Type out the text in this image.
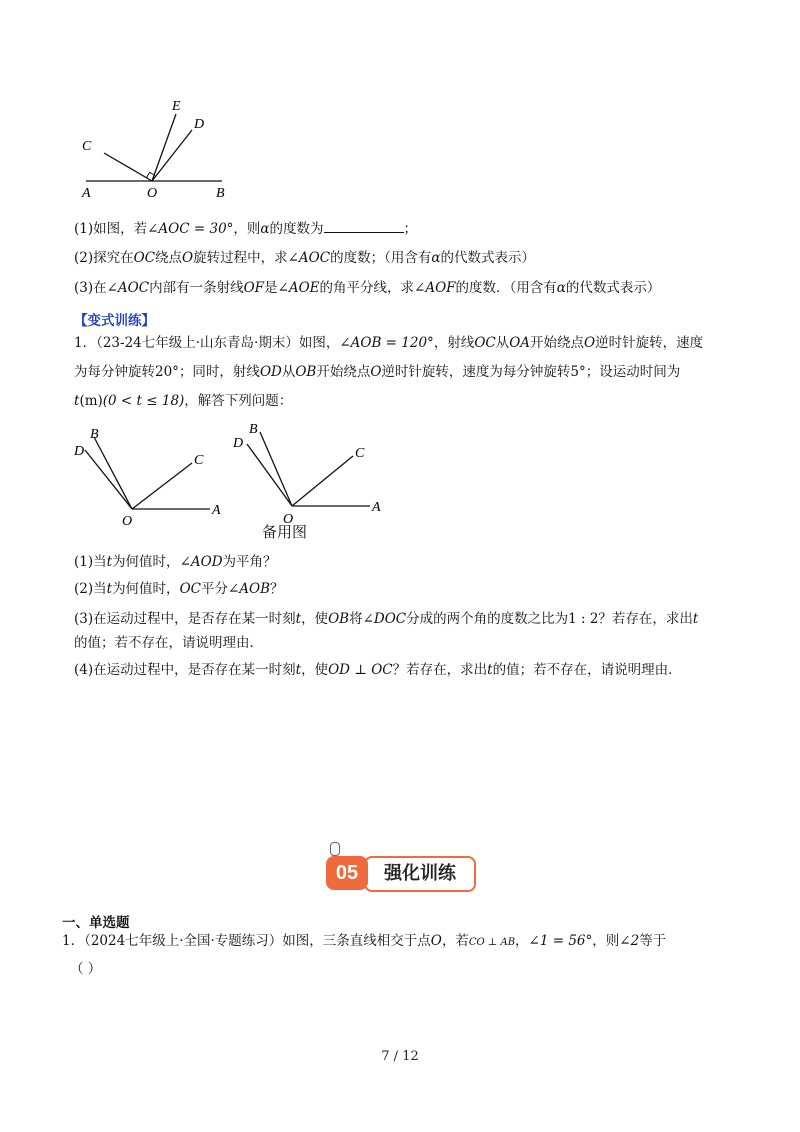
E
D
C
A	O	B
(1)如图，若∠AOC = 30°，则α的度数为	；
(2)探究在OC绕点O旋转过程中，求∠AOC的度数；（用含有α的代数式表示）
(3)在∠AOC内部有一条射线OF是∠AOE的角平分线，求∠AOF的度数．（用含有α的代数式表示）
【变式训练】
1．（23-24七年级上·山东青岛·期末）如图，∠AOB = 120°，射线OC从OA开始绕点O逆时针旋转，速度
为每分钟旋转20°；同时，射线OD从OB开始绕点O逆时针旋转，速度为每分钟旋转5°；设运动时间为
t(m)(0 < t ≤ 18)，解答下列问题：
B
D
C
O
A
B
D
C
O
A
备用图
(1)当t为何值时，∠AOD为平角？
(2)当t为何值时，OC平分∠AOB？
(3)在运动过程中，是否存在某一时刻t，使OB将∠DOC分成的两个角的度数之比为1 : 2？若存在，求出t
的值；若不存在，请说明理由．
(4)在运动过程中，是否存在某一时刻t，使OD ⊥ OC？若存在，求出t的值；若不存在，请说明理由．
强化训练
05
一、单选题
1．（2024七年级上·全国·专题练习）如图，三条直线相交于点O，若CO ⊥ AB，∠1 = 56°，则∠2等于
（ ）
7 / 12
